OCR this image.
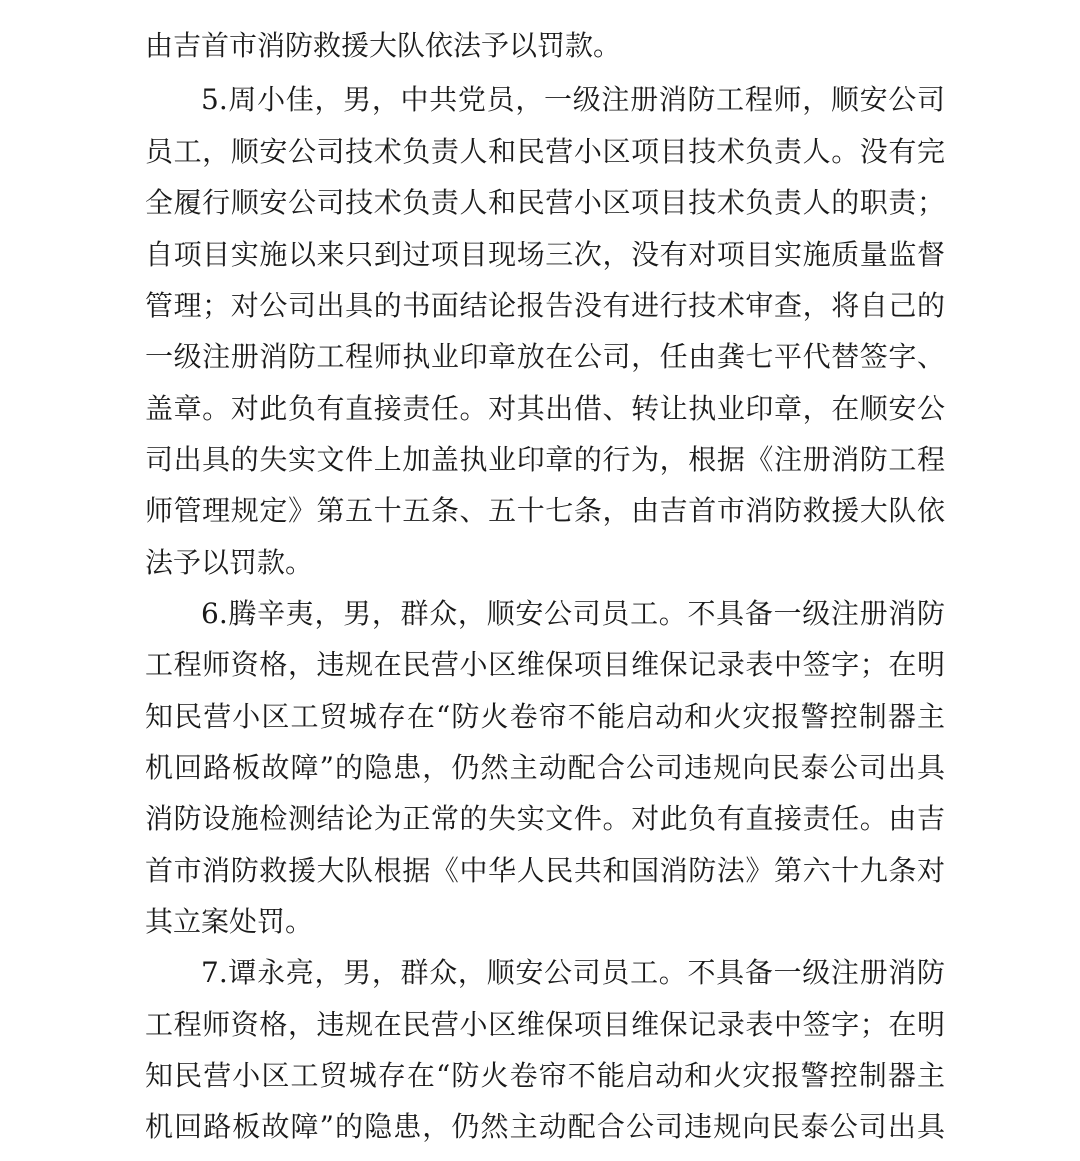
由吉首市消防救援大队依法予以罚款。
5.周小佳，男，中共党员，一级注册消防工程师，顺安公司
员工，顺安公司技术负责人和民营小区项目技术负责人。没有完
全履行顺安公司技术负责人和民营小区项目技术负责人的职责；
自项目实施以来只到过项目现场三次，没有对项目实施质量监督
管理；对公司出具的书面结论报告没有进行技术审查，将自己的
一级注册消防工程师执业印章放在公司，任由龚七平代替签字、
盖章。对此负有直接责任。对其出借、转让执业印章，在顺安公
司出具的失实文件上加盖执业印章的行为，根据《注册消防工程
师管理规定》第五十五条、五十七条，由吉首市消防救援大队依
法予以罚款。
6.腾辛夷，男，群众，顺安公司员工。不具备一级注册消防
工程师资格，违规在民营小区维保项目维保记录表中签字；在明
知民营小区工贸城存在“防火卷帘不能启动和火灾报警控制器主
机回路板故障”的隐患，仍然主动配合公司违规向民泰公司出具
消防设施检测结论为正常的失实文件。对此负有直接责任。由吉
首市消防救援大队根据《中华人民共和国消防法》第六十九条对
其立案处罚。
7.谭永亮，男，群众，顺安公司员工。不具备一级注册消防
工程师资格，违规在民营小区维保项目维保记录表中签字；在明
知民营小区工贸城存在“防火卷帘不能启动和火灾报警控制器主
机回路板故障”的隐患，仍然主动配合公司违规向民泰公司出具
